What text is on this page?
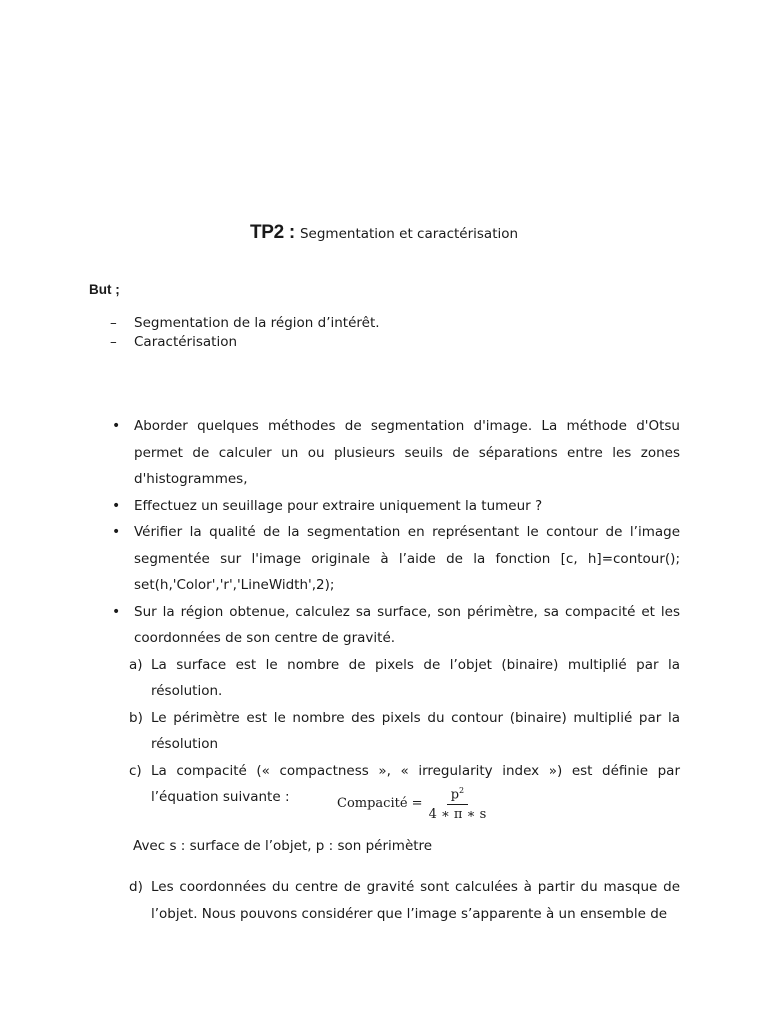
TP2 : Segmentation et caractérisation
But ;
– Segmentation de la région d’intérêt.
– Caractérisation
• Aborder quelques méthodes de segmentation d'image. La méthode d'Otsu permet de calculer un ou plusieurs seuils de séparations entre les zones d'histogrammes,
• Effectuez un seuillage pour extraire uniquement la tumeur ?
• Vérifier la qualité de la segmentation en représentant le contour de l’image segmentée sur l'image originale à l’aide de la fonction [c, h]=contour(); set(h,'Color','r','LineWidth',2);
• Sur la région obtenue, calculez sa surface, son périmètre, sa compacité et les coordonnées de son centre de gravité.
a) La surface est le nombre de pixels de l’objet (binaire) multiplié par la résolution.
b) Le périmètre est le nombre des pixels du contour (binaire) multiplié par la résolution
c) La compacité (« compactness », « irregularity index ») est définie par l’équation suivante :	Compacité = $\frac{p^2}{4 ∗ \pi ∗ s}$
Avec s : surface de l’objet, p : son périmètre
d) Les coordonnées du centre de gravité sont calculées à partir du masque de l’objet. Nous pouvons considérer que l’image s’apparente à un ensemble de
